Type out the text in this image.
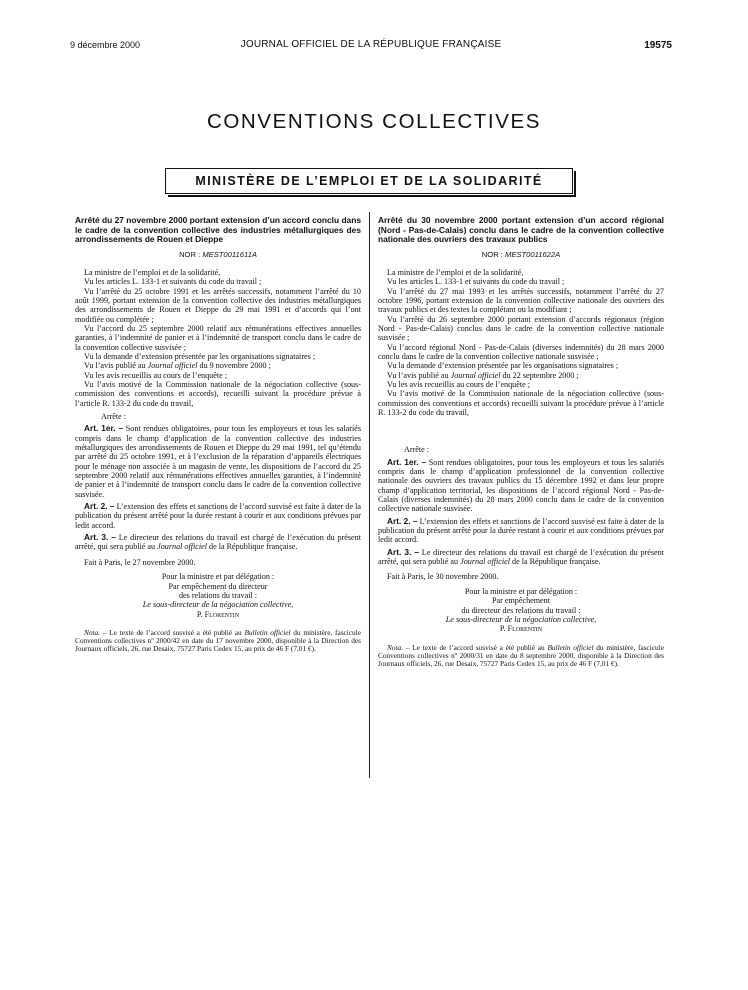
9 décembre 2000	JOURNAL OFFICIEL DE LA RÉPUBLIQUE FRANÇAISE	19575
CONVENTIONS COLLECTIVES
MINISTÈRE DE L’EMPLOI ET DE LA SOLIDARITÉ

Arrêté du 27 novembre 2000 portant extension d’un accord conclu dans le cadre de la convention collective des industries métallurgiques des arrondissements de Rouen et Dieppe

NOR : MEST0011611A

La ministre de l’emploi et de la solidarité,

Vu les articles L. 133-1 et suivants du code du travail ;

Vu l’arrêté du 25 octobre 1991 et les arrêtés successifs, notamment l’arrêté du 10 août 1999, portant extension de la convention collective des industries métallurgiques des arrondissements de Rouen et Dieppe du 29 mai 1991 et d’accords qui l’ont modifiée ou complétée ;

Vu l’accord du 25 septembre 2000 relatif aux rémunérations effectives annuelles garanties, à l’indemnité de panier et à l’indemnité de transport conclu dans le cadre de la convention collective susvisée ;

Vu la demande d’extension présentée par les organisations signataires ;

Vu l’avis publié au Journal officiel du 9 novembre 2000 ;

Vu les avis recueillis au cours de l’enquête ;

Vu l’avis motivé de la Commission nationale de la négociation collective (sous-commission des conventions et accords), recueilli suivant la procédure prévue à l’article R. 133-2 du code du travail,

Arrête :

Art. 1er. – Sont rendues obligatoires, pour tous les employeurs et tous les salariés compris dans le champ d’application de la convention collective des industries métallurgiques des arrondissements de Rouen et Dieppe du 29 mai 1991, tel qu’étendu par arrêté du 25 octobre 1991, et à l’exclusion de la réparation d’appareils électriques pour le ménage non associée à un magasin de vente, les dispositions de l’accord du 25 septembre 2000 relatif aux rémunérations effectives annuelles garanties, à l’indemnité de panier et à l’indemnité de transport conclu dans le cadre de la convention collective susvisée.

Art. 2. – L’extension des effets et sanctions de l’accord susvisé est faite à dater de la publication du présent arrêté pour la durée restant à courir et aux conditions prévues par ledit accord.

Art. 3. – Le directeur des relations du travail est chargé de l’exécution du présent arrêté, qui sera publié au Journal officiel de la République française.

Fait à Paris, le 27 novembre 2000.

Pour la ministre et par délégation :
Par empêchement du directeur
des relations du travail :
Le sous-directeur de la négociation collective,
P. Florentin

Nota. – Le texte de l’accord susvisé a été publié au Bulletin officiel du ministère, fascicule Conventions collectives nº 2000/42 en date du 17 novembre 2000, disponible à la Direction des Journaux officiels, 26, rue Desaix, 75727 Paris Cedex 15, au prix de 46 F (7,01 €).

Arrêté du 30 novembre 2000 portant extension d’un accord régional (Nord - Pas-de-Calais) conclu dans le cadre de la convention collective nationale des ouvriers des travaux publics

NOR : MEST0011622A

La ministre de l’emploi et de la solidarité,

Vu les articles L. 133-1 et suivants du code du travail ;

Vu l’arrêté du 27 mai 1993 et les arrêtés successifs, notamment l’arrêté du 27 octobre 1996, portant extension de la convention collective nationale des ouvriers des travaux publics et des textes la complétant ou la modifiant ;

Vu l’arrêté du 26 septembre 2000 portant extension d’accords régionaux (région Nord - Pas-de-Calais) conclus dans le cadre de la convention collective nationale susvisée ;

Vu l’accord régional Nord - Pas-de-Calais (diverses indemnités) du 28 mars 2000 conclu dans le cadre de la convention collective nationale susvisée ;

Vu la demande d’extension présentée par les organisations signataires ;

Vu l’avis publié au Journal officiel du 22 septembre 2000 ;

Vu les avis recueillis au cours de l’enquête ;

Vu l’avis motivé de la Commission nationale de la négociation collective (sous-commission des conventions et accords) recueilli suivant la procédure prévue à l’article R. 133-2 du code du travail,

Arrête :

Art. 1er. – Sont rendues obligatoires, pour tous les employeurs et tous les salariés compris dans le champ d’application professionnel de la convention collective nationale des ouvriers des travaux publics du 15 décembre 1992 et dans leur propre champ d’application territorial, les dispositions de l’accord régional Nord - Pas-de-Calais (diverses indemnités) du 28 mars 2000 conclu dans le cadre de la convention collective nationale susvisée.

Art. 2. – L’extension des effets et sanctions de l’accord susvisé est faite à dater de la publication du présent arrêté pour la durée restant à courir et aux conditions prévues par ledit accord.

Art. 3. – Le directeur des relations du travail est chargé de l’exécution du présent arrêté, qui sera publié au Journal officiel de la République française.

Fait à Paris, le 30 novembre 2000.

Pour la ministre et par délégation :
Par empêchement
du directeur des relations du travail :
Le sous-directeur de la négociation collective,
P. Florentin

Nota. – Le texte de l’accord susvisé a été publié au Bulletin officiel du ministère, fascicule Conventions collectives nº 2000/31 en date du 8 septembre 2000, disponible à la Direction des Journaux officiels, 26, rue Desaix, 75727 Paris Cedex 15, au prix de 46 F (7,01 €).
